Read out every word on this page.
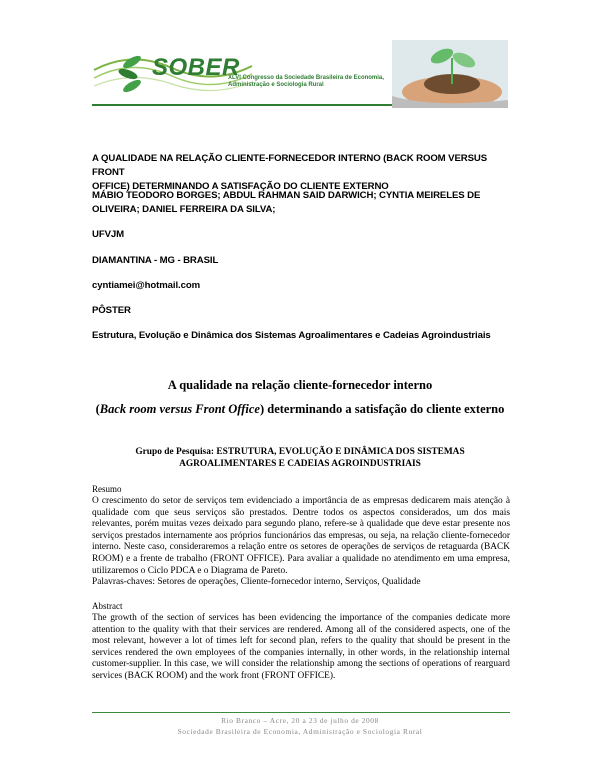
SOBER
XLVI Congresso da Sociedade Brasileira de Economia,
Administração e Sociologia Rural
A QUALIDADE NA RELAÇÃO CLIENTE-FORNECEDOR INTERNO (BACK ROOM VERSUS FRONT
OFFICE) DETERMINANDO A SATISFAÇÃO DO CLIENTE EXTERNO
MÁBIO TEODORO BORGES; ABDUL RAHMAN SAID DARWICH; CYNTIA MEIRELES DE
OLIVEIRA; DANIEL FERREIRA DA SILVA;
UFVJM
DIAMANTINA - MG - BRASIL
cyntiamei@hotmail.com
PÔSTER
Estrutura, Evolução e Dinâmica dos Sistemas Agroalimentares e Cadeias Agroindustriais
A qualidade na relação cliente-fornecedor interno
(Back room versus Front Office) determinando a satisfação do cliente externo
Grupo de Pesquisa: ESTRUTURA, EVOLUÇÃO E DINÂMICA DOS SISTEMAS
AGROALIMENTARES E CADEIAS AGROINDUSTRIAIS
Resumo
O crescimento do setor de serviços tem evidenciado a importância de as empresas dedicarem mais atenção à qualidade com que seus serviços são prestados. Dentre todos os aspectos considerados, um dos mais relevantes, porém muitas vezes deixado para segundo plano, refere-se à qualidade que deve estar presente nos serviços prestados internamente aos próprios funcionários das empresas, ou seja, na relação cliente-fornecedor interno. Neste caso, consideraremos a relação entre os setores de operações de serviços de retaguarda (BACK ROOM) e a frente de trabalho (FRONT OFFICE). Para avaliar a qualidade no atendimento em uma empresa, utilizaremos o Ciclo PDCA e o Diagrama de Pareto.
Palavras-chaves: Setores de operações, Cliente-fornecedor interno, Serviços, Qualidade
Abstract
The growth of the section of services has been evidencing the importance of the companies dedicate more attention to the quality with that their services are rendered. Among all of the considered aspects, one of the most relevant, however a lot of times left for second plan, refers to the quality that should be present in the services rendered the own employees of the companies internally, in other words, in the relationship internal customer-supplier. In this case, we will consider the relationship among the sections of operations of rearguard services (BACK ROOM) and the work front (FRONT OFFICE).
Rio Branco – Acre, 20 a 23 de julho de 2008
Sociedade Brasileira de Economia, Administração e Sociologia Rural
